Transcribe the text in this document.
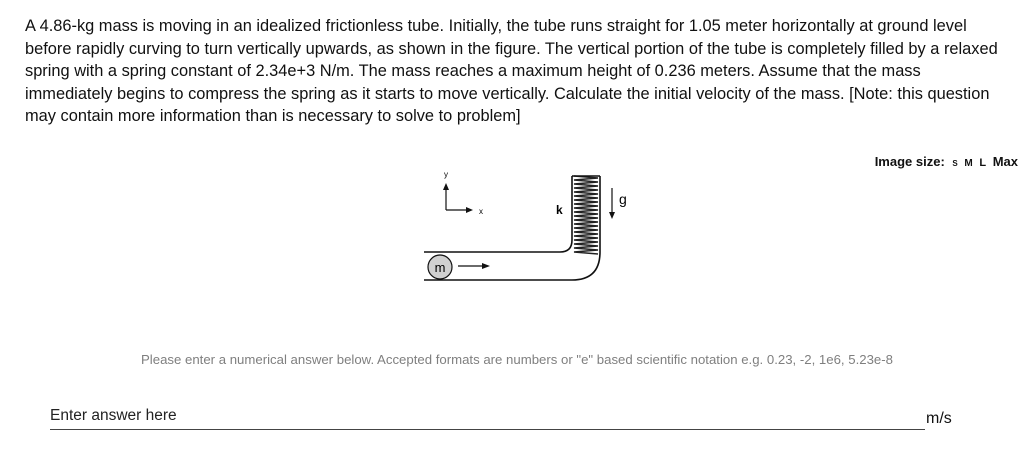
A 4.86-kg mass is moving in an idealized frictionless tube. Initially, the tube runs straight for 1.05 meter horizontally at ground level before rapidly curving to turn vertically upwards, as shown in the figure. The vertical portion of the tube is completely filled by a relaxed spring with a spring constant of 2.34e+3 N/m. The mass reaches a maximum height of 0.236 meters. Assume that the mass immediately begins to compress the spring as it starts to move vertically. Calculate the initial velocity of the mass. [Note: this question may contain more information than is necessary to solve to problem]

Image size: S M L Max
y
x	k
g
m
Please enter a numerical answer below. Accepted formats are numbers or "e" based scientific notation e.g. 0.23, -2, 1e6, 5.23e-8
Enter answer here
m/s
